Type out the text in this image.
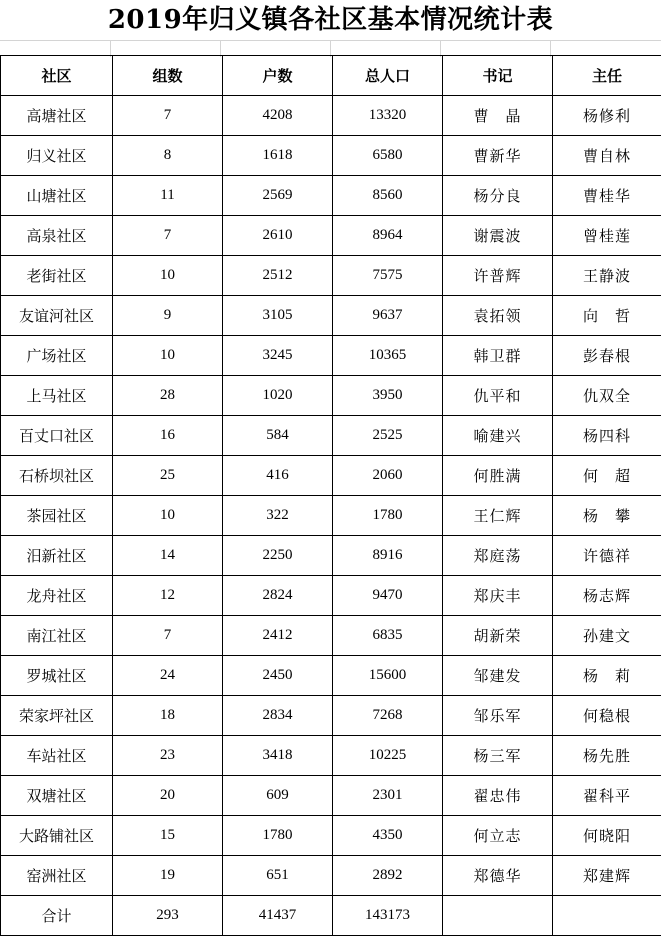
2019年归义镇各社区基本情况统计表
社区	组数	户数	总人口	书记	主任
高塘社区	7	4208	13320	曹　晶	杨修利
归义社区	8	1618	6580	曹新华	曹自林
山塘社区	11	2569	8560	杨分良	曹桂华
高泉社区	7	2610	8964	谢震波	曾桂莲
老街社区	10	2512	7575	许普辉	王静波
友谊河社区	9	3105	9637	袁拓领	向　哲
广场社区	10	3245	10365	韩卫群	彭春根
上马社区	28	1020	3950	仇平和	仇双全
百丈口社区	16	584	2525	喻建兴	杨四科
石桥坝社区	25	416	2060	何胜满	何　超
茶园社区	10	322	1780	王仁辉	杨　攀
汨新社区	14	2250	8916	郑庭荡	许德祥
龙舟社区	12	2824	9470	郑庆丰	杨志辉
南江社区	7	2412	6835	胡新荣	孙建文
罗城社区	24	2450	15600	邹建发	杨　莉
荣家坪社区	18	2834	7268	邹乐军	何稳根
车站社区	23	3418	10225	杨三军	杨先胜
双塘社区	20	609	2301	翟忠伟	翟科平
大路铺社区	15	1780	4350	何立志	何晓阳
窑洲社区	19	651	2892	郑德华	郑建辉
合计	293	41437	143173		
